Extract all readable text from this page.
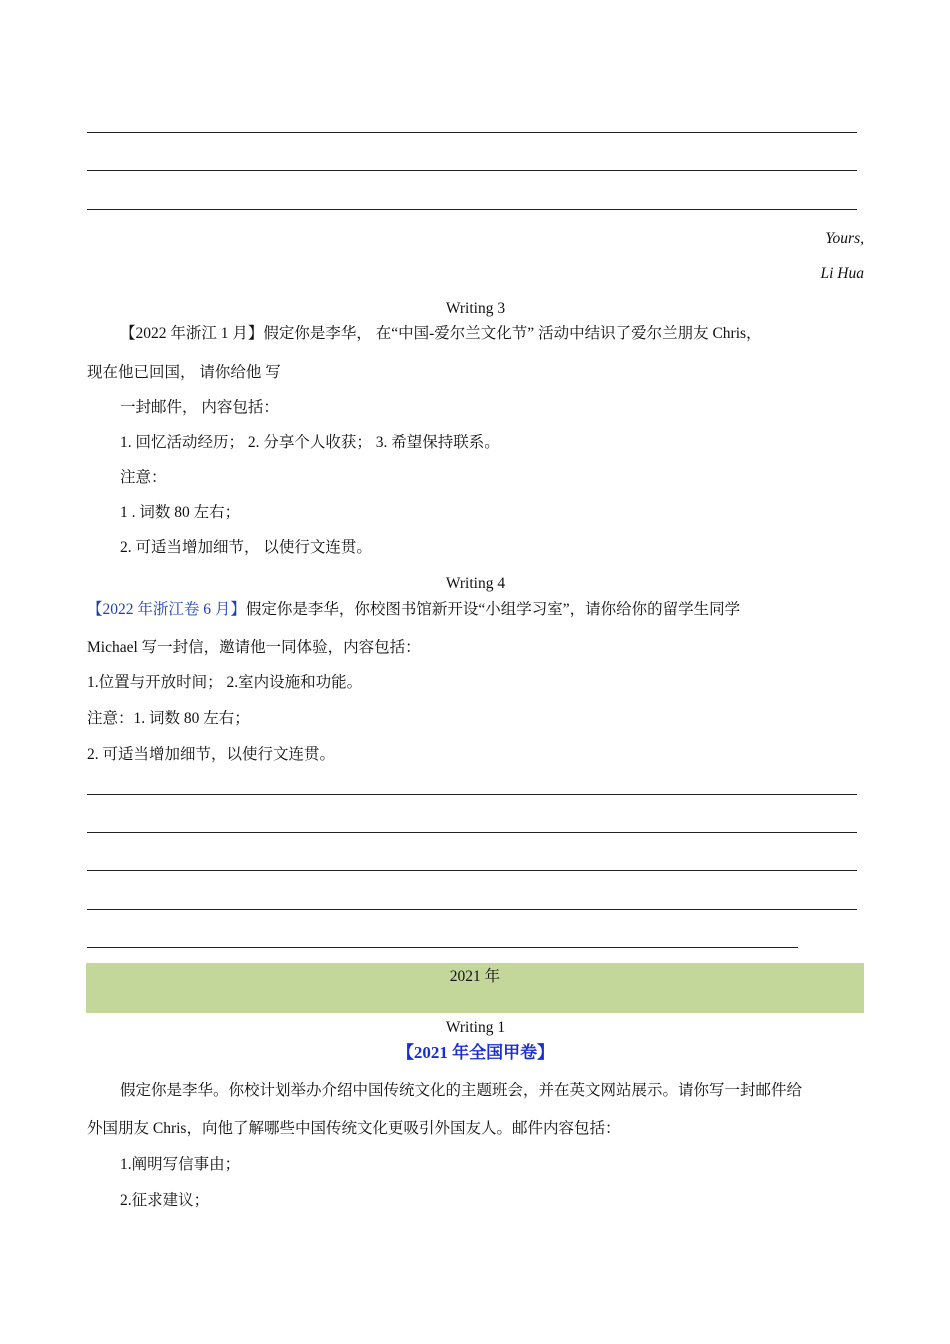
Yours,
Li Hua
Writing 3
【2022 年浙江 1 月】假定你是李华， 在“中国-爱尔兰文化节” 活动中结识了爱尔兰朋友 Chris，
现在他已回国， 请你给他 写
一封邮件， 内容包括：
1. 回忆活动经历； 2. 分享个人收获； 3. 希望保持联系。
注意：
1 . 词数 80 左右；
2. 可适当增加细节， 以使行文连贯。
Writing 4
【2022 年浙江卷 6 月】假定你是李华，你校图书馆新开设“小组学习室”，请你给你的留学生同学
Michael 写一封信，邀请他一同体验，内容包括：
1.位置与开放时间； 2.室内设施和功能。
注意：1. 词数 80 左右；
2. 可适当增加细节，以使行文连贯。
2021 年
Writing 1
【2021 年全国甲卷】
假定你是李华。你校计划举办介绍中国传统文化的主题班会，并在英文网站展示。请你写一封邮件给
外国朋友 Chris，向他了解哪些中国传统文化更吸引外国友人。邮件内容包括：
1.阐明写信事由；
2.征求建议；
